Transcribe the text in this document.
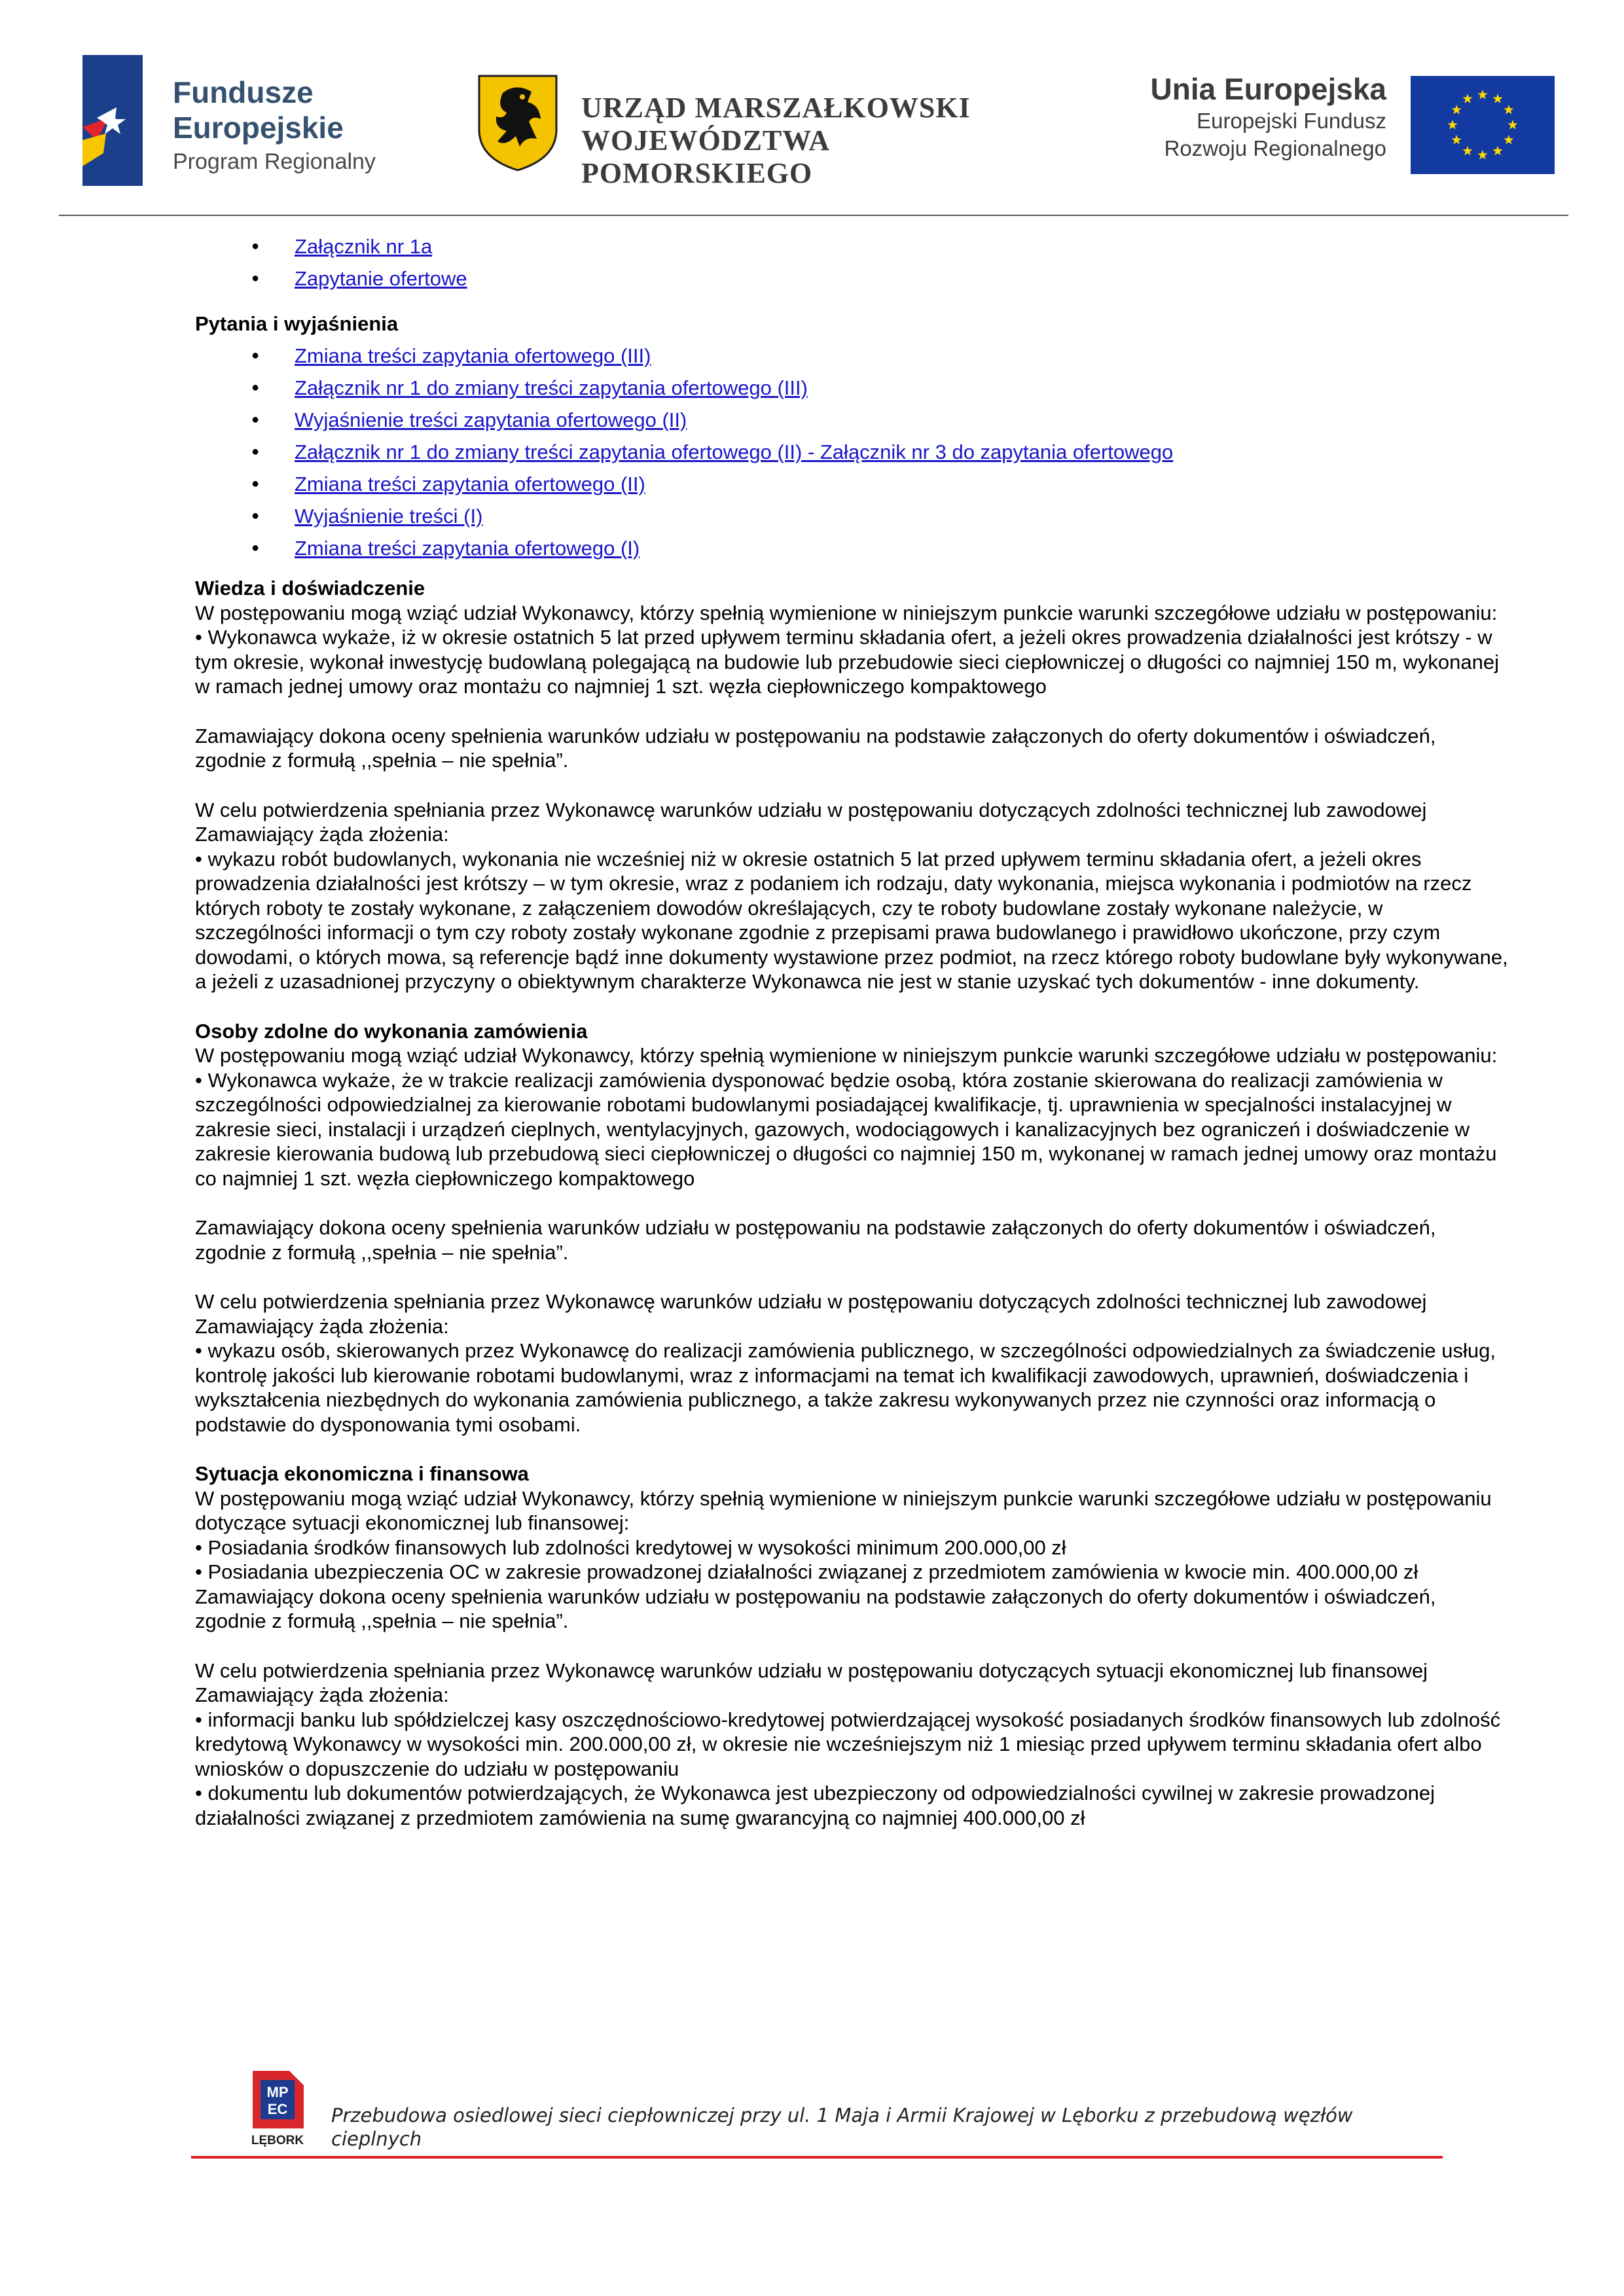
Fundusze
Europejskie
Program Regionalny
URZĄD MARSZAŁKOWSKI
WOJEWÓDZTWA POMORSKIEGO
Unia Europejska
Europejski Fundusz
Rozwoju Regionalnego
● Załącznik nr 1a
● Zapytanie ofertowe
Pytania i wyjaśnienia
● Zmiana treści zapytania ofertowego (III)
● Załącznik nr 1 do zmiany treści zapytania ofertowego (III)
● Wyjaśnienie treści zapytania ofertowego (II)
● Załącznik nr 1 do zmiany treści zapytania ofertowego (II) - Załącznik nr 3 do zapytania ofertowego
● Zmiana treści zapytania ofertowego (II)
● Wyjaśnienie treści (I)
● Zmiana treści zapytania ofertowego (I)
Wiedza i doświadczenie

W postępowaniu mogą wziąć udział Wykonawcy, którzy spełnią wymienione w niniejszym punkcie warunki szczegółowe udziału w postępowaniu:

• Wykonawca wykaże, iż w okresie ostatnich 5 lat przed upływem terminu składania ofert, a jeżeli okres prowadzenia działalności jest krótszy - w tym okresie, wykonał inwestycję budowlaną polegającą na budowie lub przebudowie sieci ciepłowniczej o długości co najmniej 150 m, wykonanej w ramach jednej umowy oraz montażu co najmniej 1 szt. węzła ciepłowniczego kompaktowego

Zamawiający dokona oceny spełnienia warunków udziału w postępowaniu na podstawie załączonych do oferty dokumentów i oświadczeń, zgodnie z formułą ,,spełnia – nie spełnia”.

W celu potwierdzenia spełniania przez Wykonawcę warunków udziału w postępowaniu dotyczących zdolności technicznej lub zawodowej Zamawiający żąda złożenia:

• wykazu robót budowlanych, wykonania nie wcześniej niż w okresie ostatnich 5 lat przed upływem terminu składania ofert, a jeżeli okres prowadzenia działalności jest krótszy – w tym okresie, wraz z podaniem ich rodzaju, daty wykonania, miejsca wykonania i podmiotów na rzecz których roboty te zostały wykonane, z załączeniem dowodów określających, czy te roboty budowlane zostały wykonane należycie, w szczególności informacji o tym czy roboty zostały wykonane zgodnie z przepisami prawa budowlanego i prawidłowo ukończone, przy czym dowodami, o których mowa, są referencje bądź inne dokumenty wystawione przez podmiot, na rzecz którego roboty budowlane były wykonywane, a jeżeli z uzasadnionej przyczyny o obiektywnym charakterze Wykonawca nie jest w stanie uzyskać tych dokumentów - inne dokumenty.

Osoby zdolne do wykonania zamówienia

W postępowaniu mogą wziąć udział Wykonawcy, którzy spełnią wymienione w niniejszym punkcie warunki szczegółowe udziału w postępowaniu:

• Wykonawca wykaże, że w trakcie realizacji zamówienia dysponować będzie osobą, która zostanie skierowana do realizacji zamówienia w szczególności odpowiedzialnej za kierowanie robotami budowlanymi posiadającej kwalifikacje, tj. uprawnienia w specjalności instalacyjnej w zakresie sieci, instalacji i urządzeń cieplnych, wentylacyjnych, gazowych, wodociągowych i kanalizacyjnych bez ograniczeń i doświadczenie w zakresie kierowania budową lub przebudową sieci ciepłowniczej o długości co najmniej 150 m, wykonanej w ramach jednej umowy oraz montażu co najmniej 1 szt. węzła ciepłowniczego kompaktowego

Zamawiający dokona oceny spełnienia warunków udziału w postępowaniu na podstawie załączonych do oferty dokumentów i oświadczeń, zgodnie z formułą ,,spełnia – nie spełnia”.

W celu potwierdzenia spełniania przez Wykonawcę warunków udziału w postępowaniu dotyczących zdolności technicznej lub zawodowej Zamawiający żąda złożenia:

• wykazu osób, skierowanych przez Wykonawcę do realizacji zamówienia publicznego, w szczególności odpowiedzialnych za świadczenie usług, kontrolę jakości lub kierowanie robotami budowlanymi, wraz z informacjami na temat ich kwalifikacji zawodowych, uprawnień, doświadczenia i wykształcenia niezbędnych do wykonania zamówienia publicznego, a także zakresu wykonywanych przez nie czynności oraz informacją o podstawie do dysponowania tymi osobami.

Sytuacja ekonomiczna i finansowa

W postępowaniu mogą wziąć udział Wykonawcy, którzy spełnią wymienione w niniejszym punkcie warunki szczegółowe udziału w postępowaniu dotyczące sytuacji ekonomicznej lub finansowej:

• Posiadania środków finansowych lub zdolności kredytowej w wysokości minimum 200.000,00 zł

• Posiadania ubezpieczenia OC w zakresie prowadzonej działalności związanej z przedmiotem zamówienia w kwocie min. 400.000,00 zł

Zamawiający dokona oceny spełnienia warunków udziału w postępowaniu na podstawie załączonych do oferty dokumentów i oświadczeń, zgodnie z formułą ,,spełnia – nie spełnia”.

W celu potwierdzenia spełniania przez Wykonawcę warunków udziału w postępowaniu dotyczących sytuacji ekonomicznej lub finansowej Zamawiający żąda złożenia:

• informacji banku lub spółdzielczej kasy oszczędnościowo-kredytowej potwierdzającej wysokość posiadanych środków finansowych lub zdolność kredytową Wykonawcy w wysokości min. 200.000,00 zł, w okresie nie wcześniejszym niż 1 miesiąc przed upływem terminu składania ofert albo wniosków o dopuszczenie do udziału w postępowaniu

• dokumentu lub dokumentów potwierdzających, że Wykonawca jest ubezpieczony od odpowiedzialności cywilnej w zakresie prowadzonej działalności związanej z przedmiotem zamówienia na sumę gwarancyjną co najmniej 400.000,00 zł

MP
EC
LĘBORK
Przebudowa osiedlowej sieci ciepłowniczej przy ul. 1 Maja i Armii Krajowej w Lęborku z przebudową węzłów cieplnych
